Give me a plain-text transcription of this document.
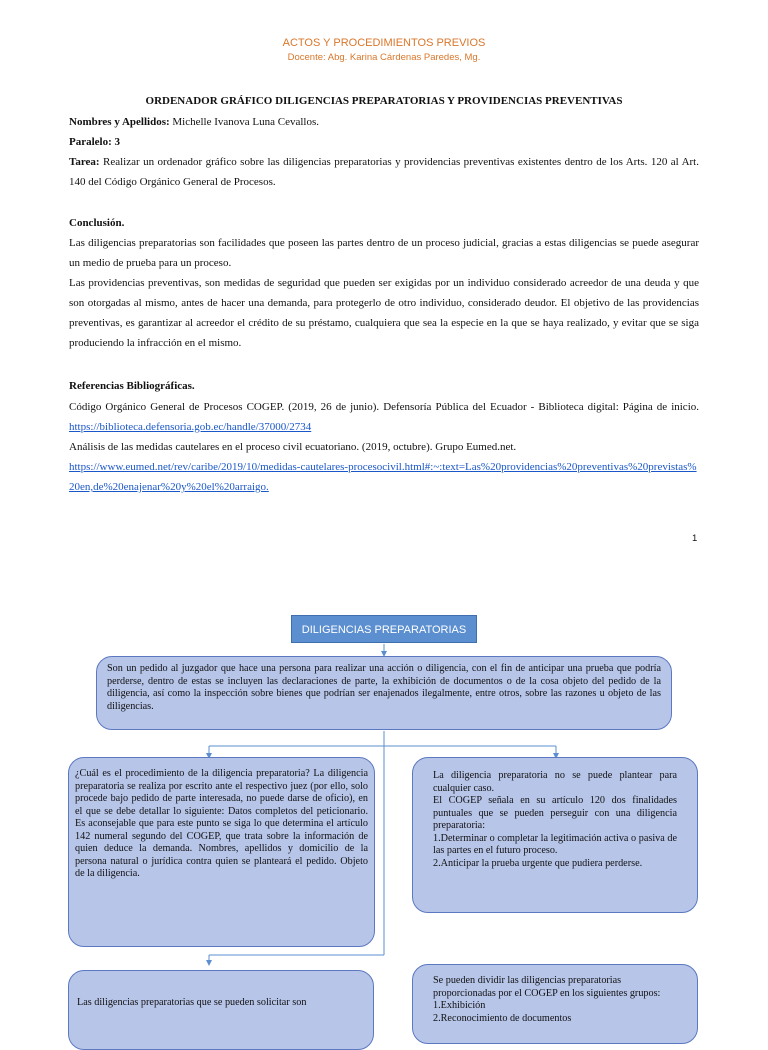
ACTOS Y PROCEDIMIENTOS PREVIOS
Docente: Abg. Karina Cárdenas Paredes, Mg.
ORDENADOR GRÁFICO DILIGENCIAS PREPARATORIAS Y PROVIDENCIAS PREVENTIVAS
Nombres y Apellidos: Michelle Ivanova Luna Cevallos.
Paralelo: 3
Tarea: Realizar un ordenador gráfico sobre las diligencias preparatorias y providencias preventivas existentes dentro de los Arts. 120 al Art. 140 del Código Orgánico General de Procesos.
Conclusión.
Las diligencias preparatorias son facilidades que poseen las partes dentro de un proceso judicial, gracias a estas diligencias se puede asegurar un medio de prueba para un proceso.
Las providencias preventivas, son medidas de seguridad que pueden ser exigidas por un individuo considerado acreedor de una deuda y que son otorgadas al mismo, antes de hacer una demanda, para protegerlo de otro individuo, considerado deudor. El objetivo de las providencias preventivas, es garantizar al acreedor el crédito de su préstamo, cualquiera que sea la especie en la que se haya realizado, y evitar que se siga produciendo la infracción en el mismo.
Referencias Bibliográficas.
Código Orgánico General de Procesos COGEP. (2019, 26 de junio). Defensoría Pública del Ecuador - Biblioteca digital: Página de inicio. https://biblioteca.defensoria.gob.ec/handle/37000/2734
Análisis de las medidas cautelares en el proceso civil ecuatoriano. (2019, octubre). Grupo Eumed.net.
https://www.eumed.net/rev/caribe/2019/10/medidas-cautelares-procesocivil.html#:~:text=Las%20providencias%20preventivas%20previstas%20en,de%20enajenar%20y%20el%20arraigo.
1
DILIGENCIAS PREPARATORIAS
Son un pedido al juzgador que hace una persona para realizar una acción o diligencia, con el fin de anticipar una prueba que podría perderse, dentro de estas se incluyen las declaraciones de parte, la exhibición de documentos o de la cosa objeto del pedido de la diligencia, así como la inspección sobre bienes que podrían ser enajenados ilegalmente, entre otros, sobre las razones u objeto de las diligencias.
¿Cuál es el procedimiento de la diligencia preparatoria? La diligencia preparatoria se realiza por escrito ante el respectivo juez (por ello, solo procede bajo pedido de parte interesada, no puede darse de oficio), en el que se debe detallar lo siguiente: Datos completos del peticionario. Es aconsejable que para este punto se siga lo que determina el artículo 142 numeral segundo del COGEP, que trata sobre la información de quien deduce la demanda. Nombres, apellidos y domicilio de la persona natural o jurídica contra quien se planteará el pedido. Objeto de la diligencia.
La diligencia preparatoria no se puede plantear para cualquier caso.
El COGEP señala en su artículo 120 dos finalidades puntuales que se pueden perseguir con una diligencia preparatoria:
1.Determinar o completar la legitimación activa o pasiva de las partes en el futuro proceso.
2.Anticipar la prueba urgente que pudiera perderse.
Las diligencias preparatorias que se pueden solicitar son
Se pueden dividir las diligencias preparatorias proporcionadas por el COGEP en los siguientes grupos: 1.Exhibición
2.Reconocimiento de documentos
